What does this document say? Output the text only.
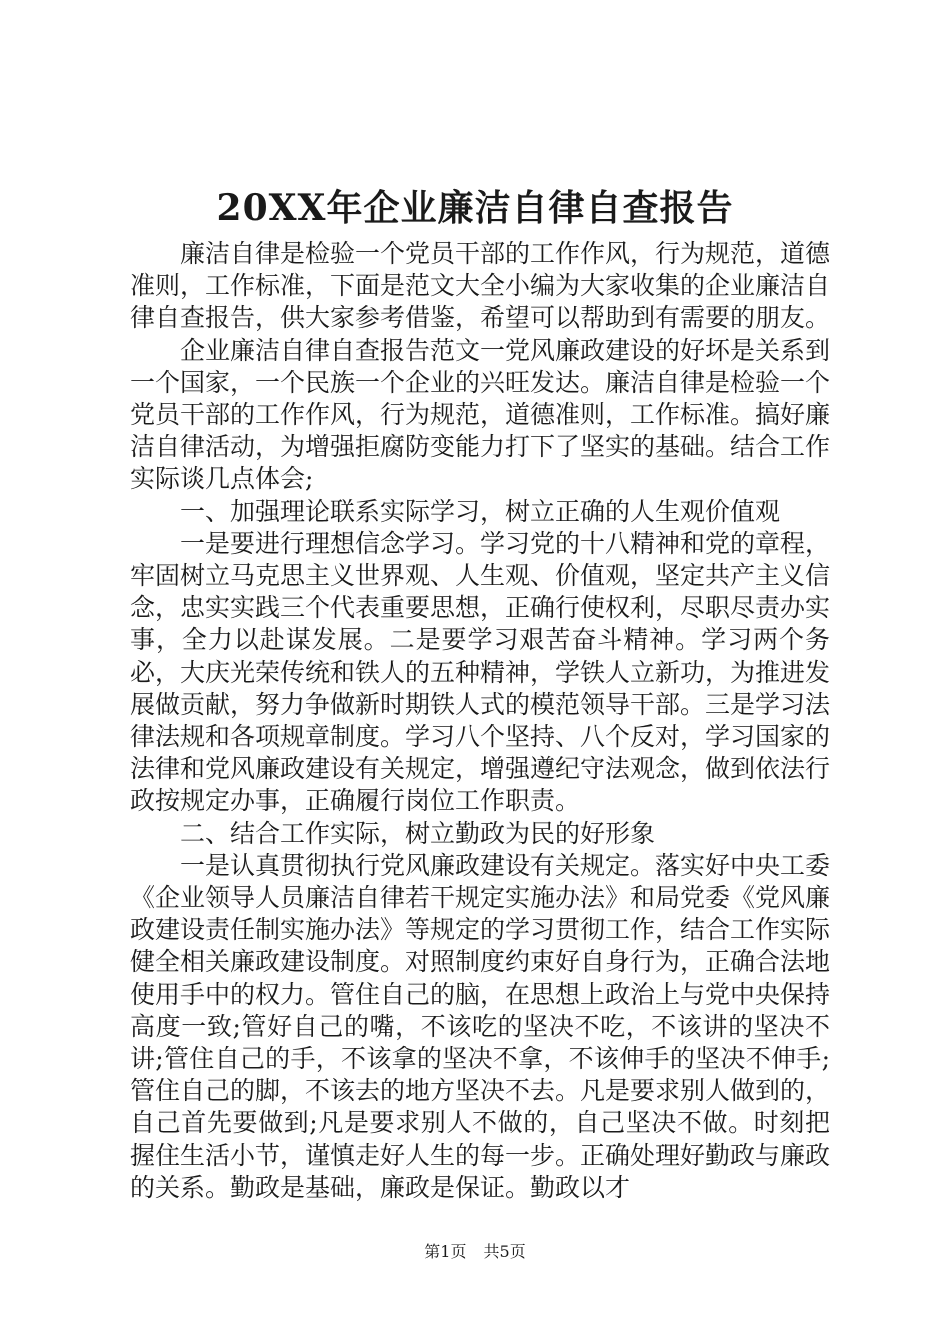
20XX年企业廉洁自律自查报告

廉洁自律是检验一个党员干部的工作作风，行为规范，道德准则，工作标准，下面是范文大全小编为大家收集的企业廉洁自律自查报告，供大家参考借鉴，希望可以帮助到有需要的朋友。

企业廉洁自律自查报告范文一党风廉政建设的好坏是关系到一个国家，一个民族一个企业的兴旺发达。廉洁自律是检验一个党员干部的工作作风，行为规范，道德准则，工作标准。搞好廉洁自律活动，为增强拒腐防变能力打下了坚实的基础。结合工作实际谈几点体会;

一、加强理论联系实际学习，树立正确的人生观价值观

一是要进行理想信念学习。学习党的十八精神和党的章程，牢固树立马克思主义世界观、人生观、价值观，坚定共产主义信念，忠实实践三个代表重要思想，正确行使权利，尽职尽责办实事，全力以赴谋发展。二是要学习艰苦奋斗精神。学习两个务必，大庆光荣传统和铁人的五种精神，学铁人立新功，为推进发展做贡献，努力争做新时期铁人式的模范领导干部。三是学习法律法规和各项规章制度。学习八个坚持、八个反对，学习国家的法律和党风廉政建设有关规定，增强遵纪守法观念，做到依法行政按规定办事，正确履行岗位工作职责。

二、结合工作实际，树立勤政为民的好形象

一是认真贯彻执行党风廉政建设有关规定。落实好中央工委《企业领导人员廉洁自律若干规定实施办法》和局党委《党风廉政建设责任制实施办法》等规定的学习贯彻工作，结合工作实际健全相关廉政建设制度。对照制度约束好自身行为，正确合法地使用手中的权力。管住自己的脑，在思想上政治上与党中央保持高度一致;管好自己的嘴，不该吃的坚决不吃，不该讲的坚决不讲;管住自己的手，不该拿的坚决不拿，不该伸手的坚决不伸手;管住自己的脚，不该去的地方坚决不去。凡是要求别人做到的，自己首先要做到;凡是要求别人不做的，自己坚决不做。时刻把握住生活小节，谨慎走好人生的每一步。正确处理好勤政与廉政的关系。勤政是基础，廉政是保证。勤政以才

第1页 共5页
